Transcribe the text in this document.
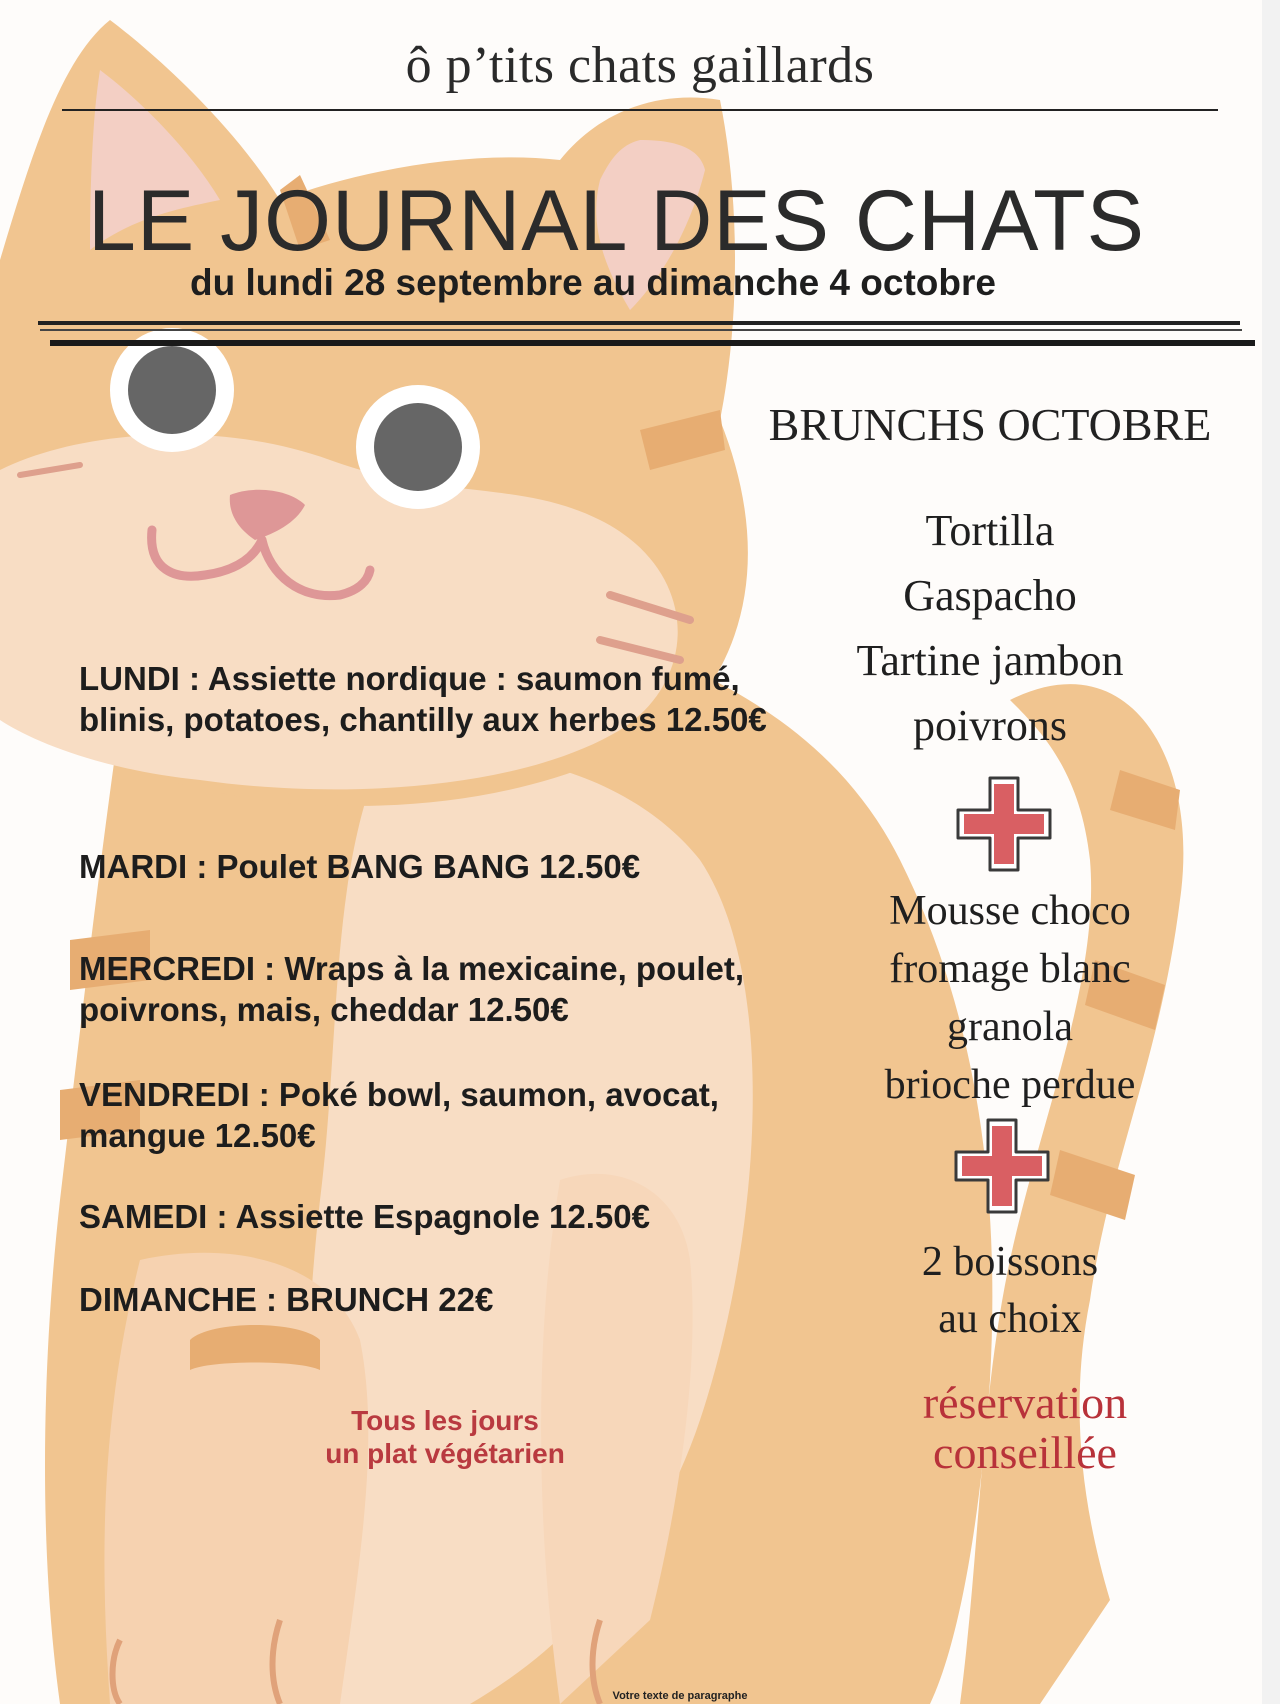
ô p’tits chats gaillards
LE JOURNAL DES CHATS
du lundi 28 septembre au dimanche 4 octobre
LUNDI : Assiette nordique : saumon fumé, blinis, potatoes, chantilly aux herbes 12.50€
MARDI : Poulet BANG BANG 12.50€
MERCREDI : Wraps à la mexicaine, poulet, poivrons, mais, cheddar 12.50€
VENDREDI : Poké bowl, saumon, avocat, mangue 12.50€
SAMEDI : Assiette Espagnole 12.50€
DIMANCHE : BRUNCH 22€
Tous les jours
un plat végétarien
BRUNCHS OCTOBRE
Tortilla
Gaspacho
Tartine jambon
poivrons
Mousse choco
fromage blanc
granola
brioche perdue
2 boissons
au choix
réservation
conseillée
Votre texte de paragraphe
